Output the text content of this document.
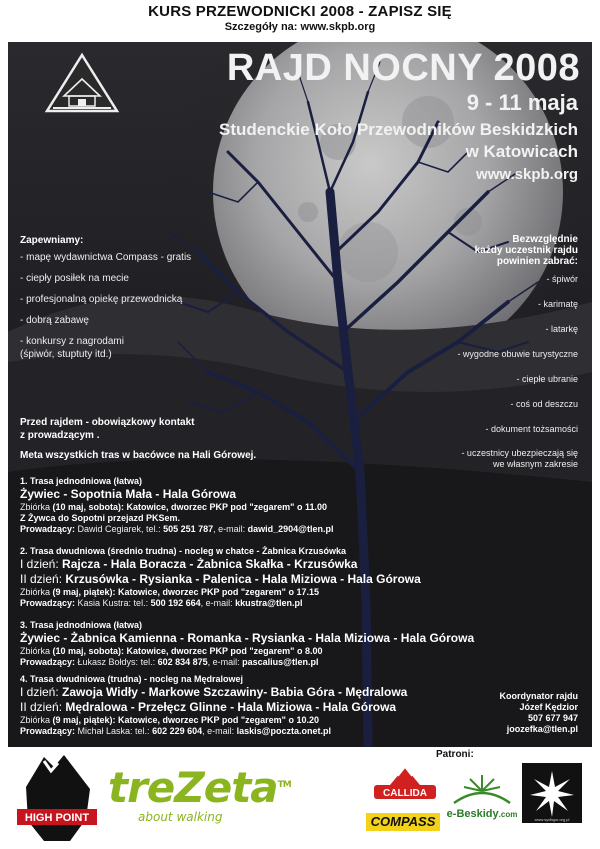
KURS PRZEWODNICKI 2008 - ZAPISZ SIĘ
Szczegóły na: www.skpb.org
RAJD NOCNY 2008
9 - 11 maja
Studenckie Koło Przewodników Beskidzkich
w Katowicach
www.skpb.org
Zapewniamy:
- mapę wydawnictwa Compass - gratis
- ciepły posiłek na mecie
- profesjonalną opiekę przewodnicką
- dobrą zabawę
- konkursy z nagrodami
(śpiwór, stuptuty itd.)
Bezwzględnie
każdy uczestnik rajdu
powinien zabrać:
- śpiwór
- karimatę
- latarkę
- wygodne obuwie turystyczne
- ciepłe ubranie
- coś od deszczu
- dokument tożsamości
- uczestnicy ubezpieczają się
we własnym zakresie
Przed rajdem - obowiązkowy kontakt
z prowadzącym .
Meta wszystkich tras w bacówce na Hali Górowej.
1. Trasa jednodniowa (łatwa)
Żywiec - Sopotnia Mała - Hala Górowa
Zbiórka (10 maj, sobota): Katowice, dworzec PKP pod "zegarem" o 11.00
Z Żywca do Sopotni przejazd PKSem.
Prowadzący: Dawid Cegiarek, tel.: 505 251 787, e-mail: dawid_2904@tlen.pl
2. Trasa dwudniowa (średnio trudna) - nocleg w chatce - Żabnica Krzusówka
I dzień: Rajcza - Hala Boracza - Żabnica Skałka - Krzusówka
II dzień: Krzusówka - Rysianka - Palenica - Hala Miziowa - Hala Górowa
Zbiórka (9 maj, piątek): Katowice, dworzec PKP pod "zegarem" o 17.15
Prowadzący: Kasia Kustra: tel.: 500 192 664, e-mail: kkustra@tlen.pl
3. Trasa jednodniowa (łatwa)
Żywiec - Żabnica Kamienna - Romanka - Rysianka - Hala Miziowa - Hala Górowa
Zbiórka (10 maj, sobota): Katowice, dworzec PKP pod "zegarem" o 8.00
Prowadzący: Łukasz Bołdys: tel.: 602 834 875, e-mail: pascalius@tlen.pl
4. Trasa dwudniowa (trudna) - nocleg na Mędralowej
I dzień: Zawoja Widły - Markowe Szczawiny- Babia Góra - Mędralowa
II dzień: Mędralowa - Przełęcz Glinne - Hala Miziowa - Hala Górowa
Zbiórka (9 maj, piątek): Katowice, dworzec PKP pod "zegarem" o 10.20
Prowadzący: Michał Laska: tel.: 602 229 604, e-mail: laskis@poczta.onet.pl
Koordynator rajdu
Józef Kędzior
507 677 947
joozefka@tlen.pl
HIGH POINT
treZeta™
about walking
Patroni:
CALLIDA
COMPASS	e-Beskidy.com
www.sydbgor.org.pl
